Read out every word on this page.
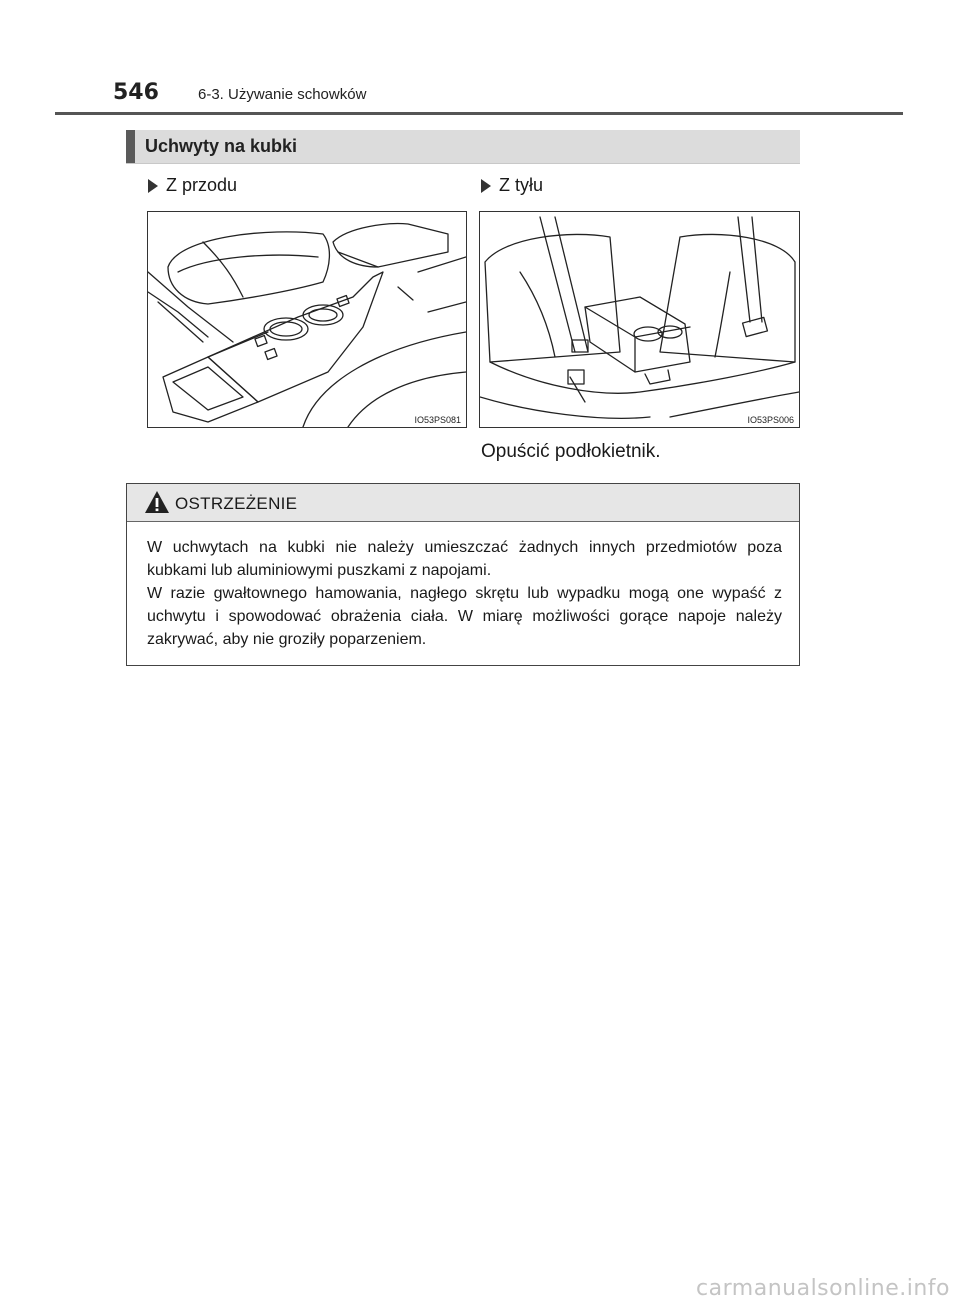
546	6-3. Używanie schowków
Uchwyty na kubki
Z przodu	Z tyłu
IO53PS081	IO53PS006
Opuścić podłokietnik.
OSTRZEŻENIE

W uchwytach na kubki nie należy umieszczać żadnych innych przedmiotów poza kubkami lub aluminiowymi puszkami z napojami.

W razie gwałtownego hamowania, nagłego skrętu lub wypadku mogą one wypaść z uchwytu i spowodować obrażenia ciała. W miarę możliwości gorące napoje należy zakrywać, aby nie groziły poparzeniem.

carmanualsonline.info
